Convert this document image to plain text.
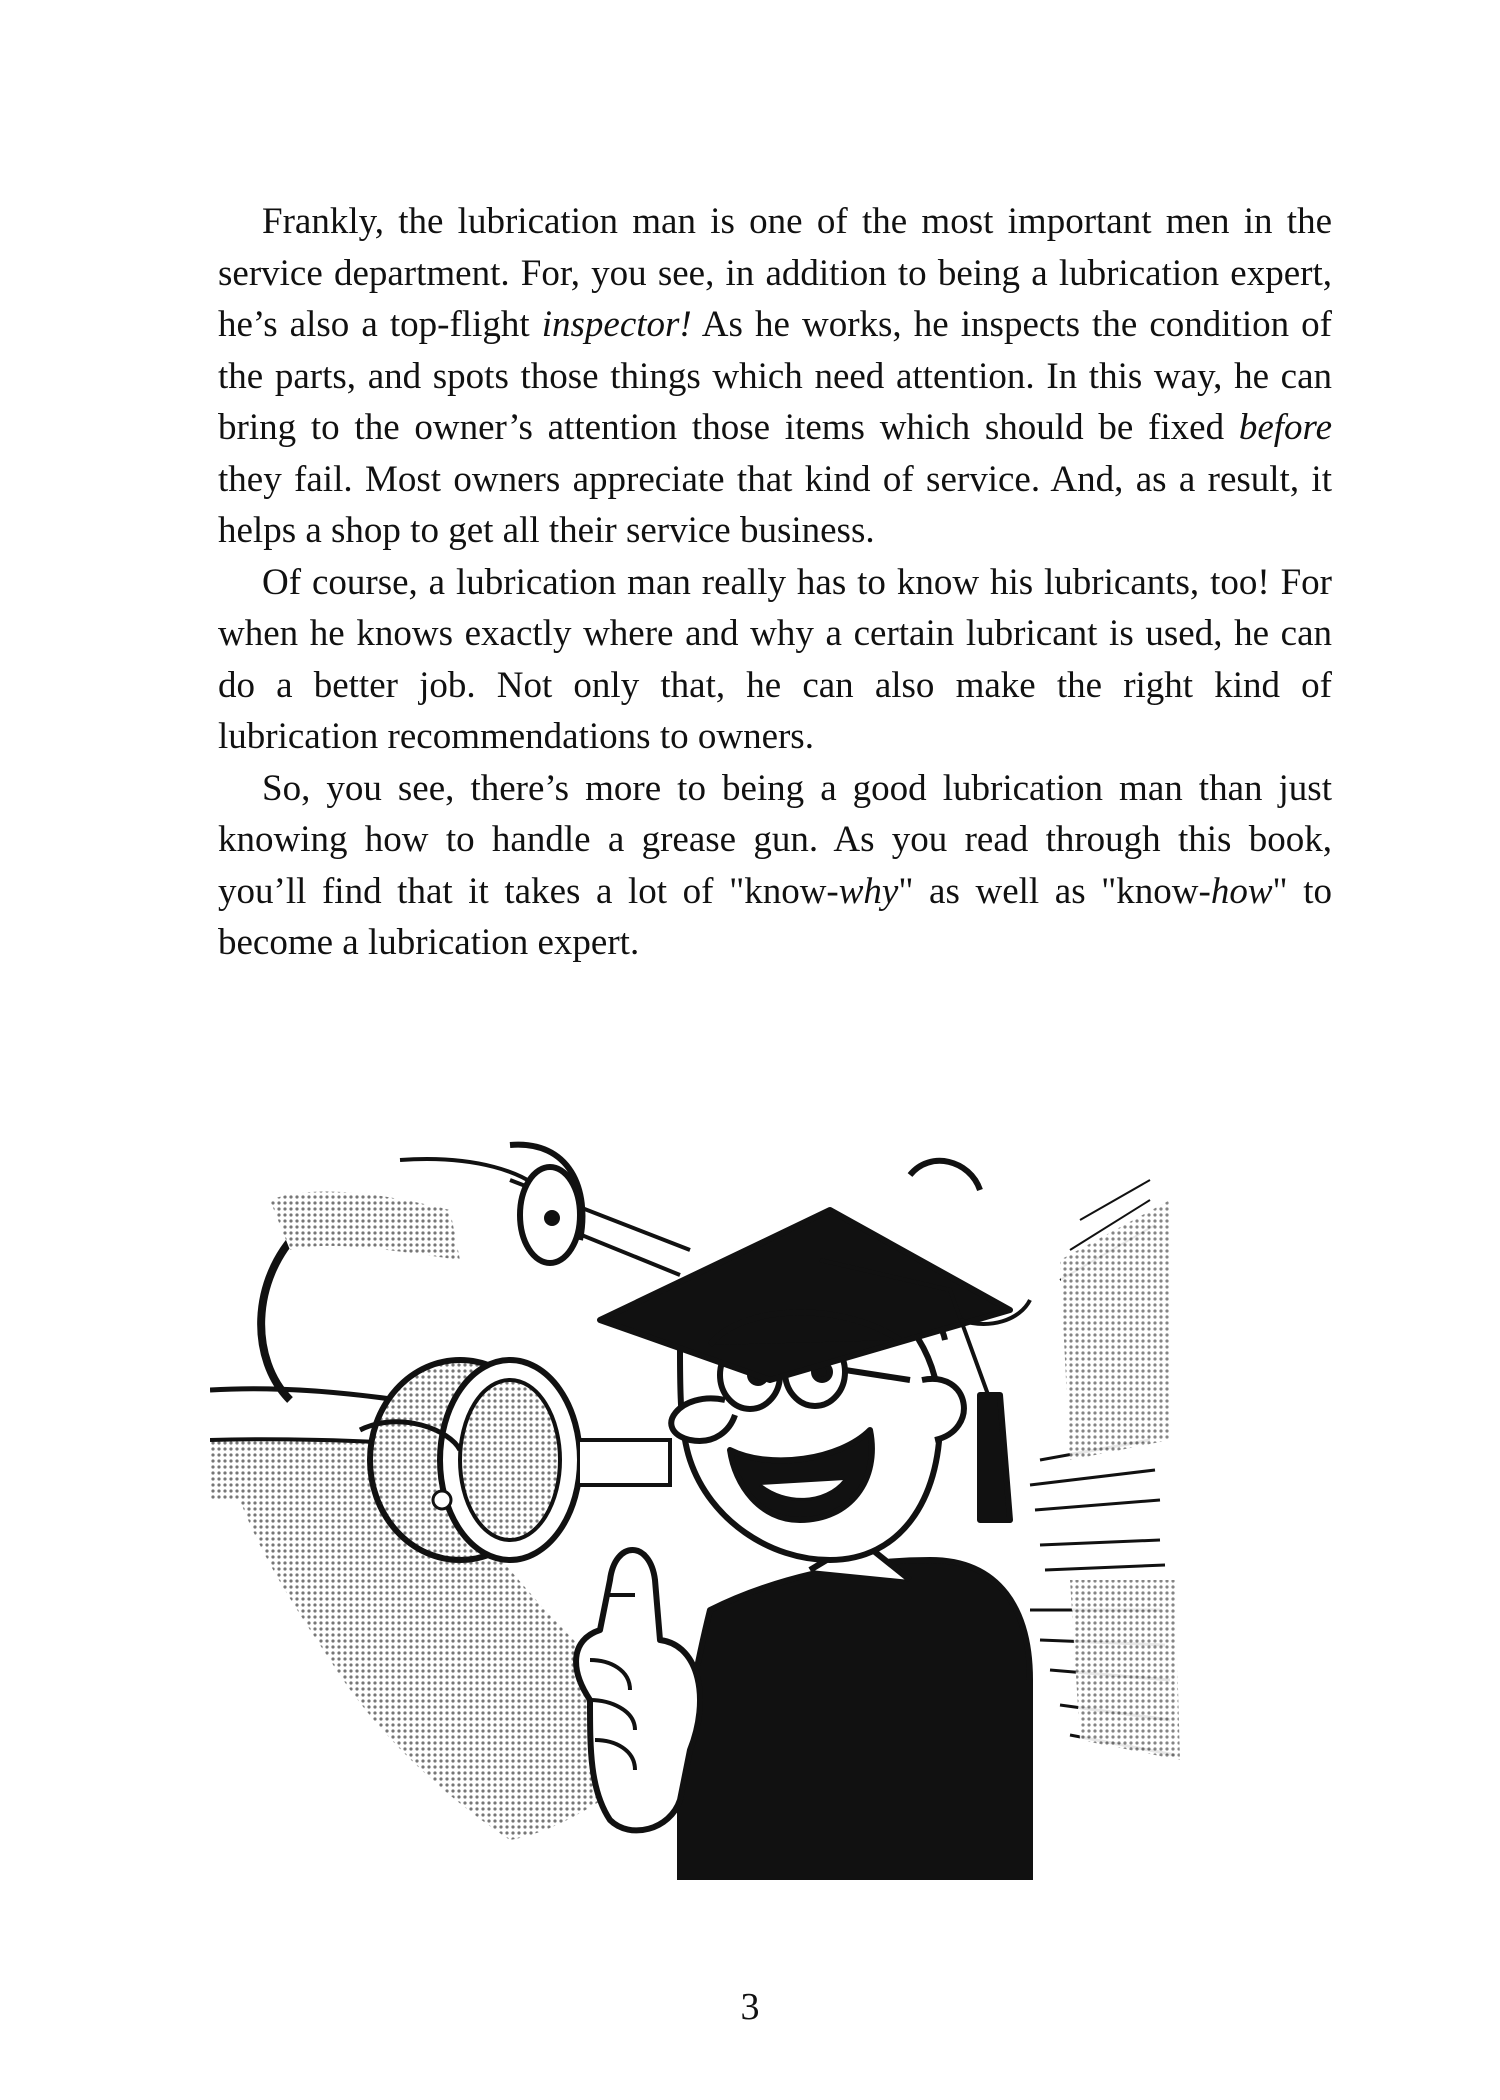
Frankly, the lubrication man is one of the most important men in the service department. For, you see, in addition to being a lubrication expert, he’s also a top-flight inspector! As he works, he inspects the condition of the parts, and spots those things which need attention. In this way, he can bring to the owner’s attention those items which should be fixed before they fail. Most owners appreciate that kind of service. And, as a result, it helps a shop to get all their service business.

Of course, a lubrication man really has to know his lubricants, too! For when he knows exactly where and why a certain lubricant is used, he can do a better job. Not only that, he can also make the right kind of lubrication recommendations to owners.

So, you see, there’s more to being a good lubrication man than just knowing how to handle a grease gun. As you read through this book, you’ll find that it takes a lot of "know-why" as well as "know-how" to become a lubrication expert.

3
